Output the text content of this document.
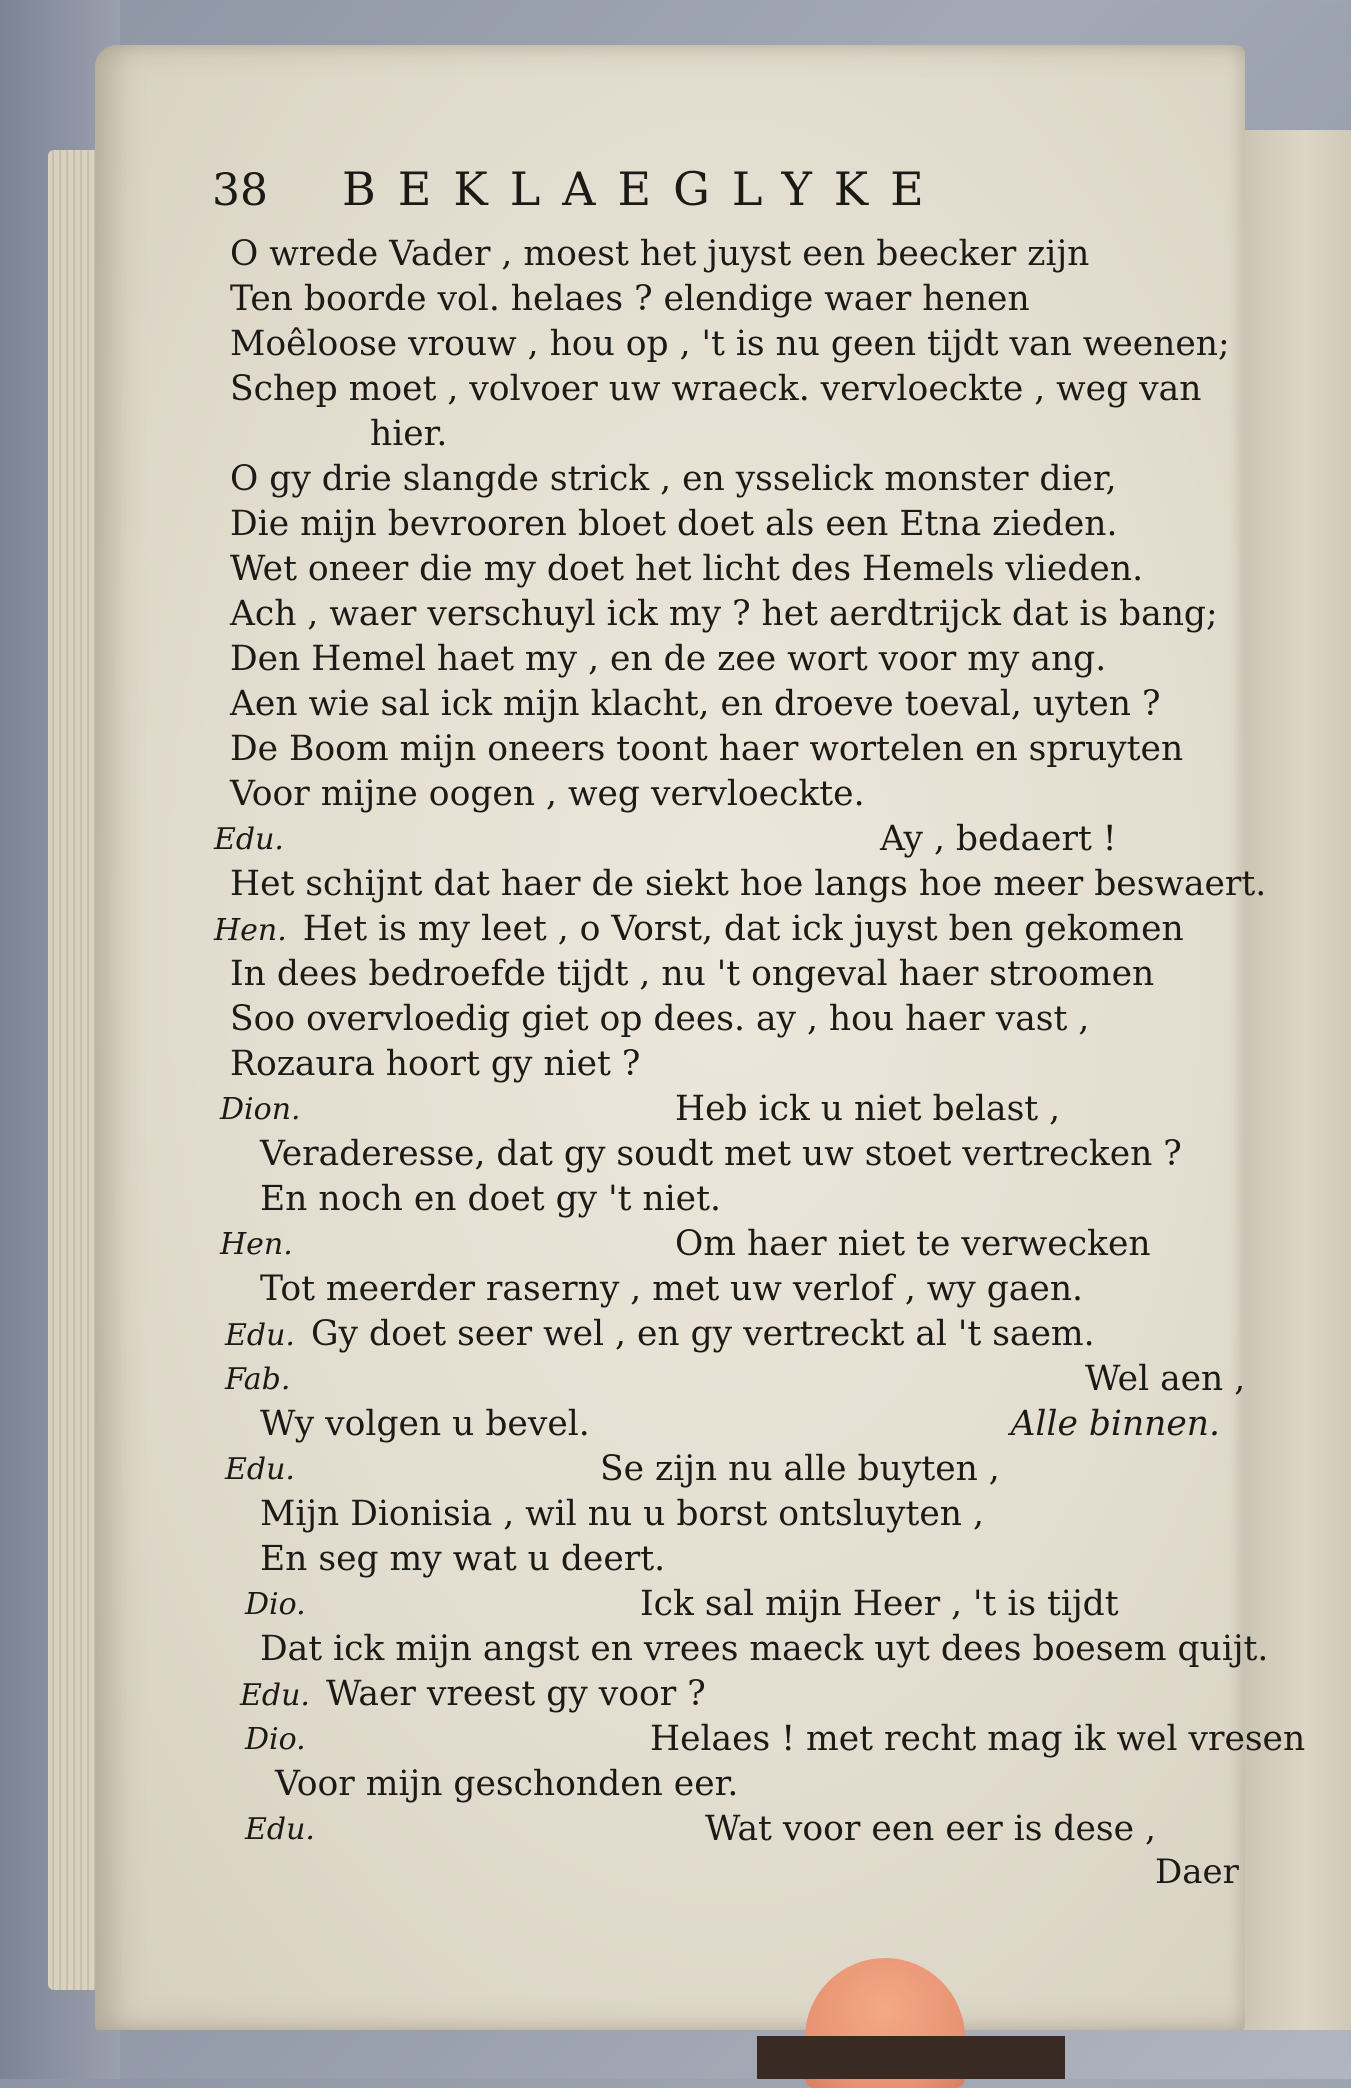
38	BEKLAEGLYKE
O wrede Vader , moest het juyst een beecker zijn
Ten boorde vol. helaes ? elendige waer henen
Moêloose vrouw , hou op , 't is nu geen tijdt van weenen;
Schep moet , volvoer uw wraeck. vervloeckte , weg van
hier.
O gy drie slangde strick , en ysselick monster dier,
Die mijn bevrooren bloet doet als een Etna zieden.
Wet oneer die my doet het licht des Hemels vlieden.
Ach , waer verschuyl ick my ? het aerdtrijck dat is bang;
Den Hemel haet my , en de zee wort voor my ang.
Aen wie sal ick mijn klacht, en droeve toeval, uyten ?
De Boom mijn oneers toont haer wortelen en spruyten
Voor mijne oogen , weg vervloeckte.
Edu.	Ay , bedaert !
Het schijnt dat haer de siekt hoe langs hoe meer beswaert.
Hen. Het is my leet , o Vorst, dat ick juyst ben gekomen
In dees bedroefde tijdt , nu 't ongeval haer stroomen
Soo overvloedig giet op dees. ay , hou haer vast ,
Rozaura hoort gy niet ?
Dion.	Heb ick u niet belast ,
Veraderesse, dat gy soudt met uw stoet vertrecken ?
En noch en doet gy 't niet.
Hen.	Om haer niet te verwecken
Tot meerder raserny , met uw verlof , wy gaen.
Edu. Gy doet seer wel , en gy vertreckt al 't saem.
Fab.	Wel aen ,
Wy volgen u bevel.	Alle binnen.
Edu.	Se zijn nu alle buyten ,
Mijn Dionisia , wil nu u borst ontsluyten ,
En seg my wat u deert.
Dio.	Ick sal mijn Heer , 't is tijdt
Dat ick mijn angst en vrees maeck uyt dees boesem quijt.
Edu. Waer vreest gy voor ?
Dio.	Helaes ! met recht mag ik wel vresen
Voor mijn geschonden eer.
Edu.	Wat voor een eer is dese ,
Daer
